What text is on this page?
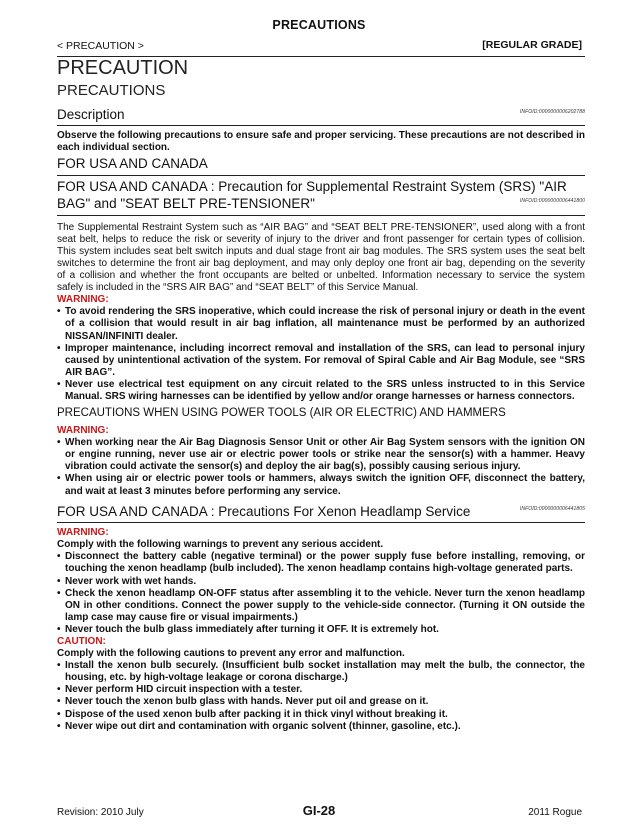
PRECAUTIONS
< PRECAUTION >	[REGULAR GRADE]
PRECAUTION
PRECAUTIONS
Description	INFOID:0000000006202788
Observe the following precautions to ensure safe and proper servicing. These precautions are not described in each individual section.
FOR USA AND CANADA
FOR USA AND CANADA : Precaution for Supplemental Restraint System (SRS) "AIR
BAG" and "SEAT BELT PRE-TENSIONER"	INFOID:0000000006441800
The Supplemental Restraint System such as “AIR BAG” and “SEAT BELT PRE-TENSIONER”, used along with a front seat belt, helps to reduce the risk or severity of injury to the driver and front passenger for certain types of collision. This system includes seat belt switch inputs and dual stage front air bag modules. The SRS system uses the seat belt switches to determine the front air bag deployment, and may only deploy one front air bag, depending on the severity of a collision and whether the front occupants are belted or unbelted. Information necessary to service the system safely is included in the “SRS AIR BAG” and “SEAT BELT” of this Service Manual.
WARNING:
• To avoid rendering the SRS inoperative, which could increase the risk of personal injury or death in the event of a collision that would result in air bag inflation, all maintenance must be performed by an authorized NISSAN/INFINITI dealer.
• Improper maintenance, including incorrect removal and installation of the SRS, can lead to personal injury caused by unintentional activation of the system. For removal of Spiral Cable and Air Bag Module, see “SRS AIR BAG”.
• Never use electrical test equipment on any circuit related to the SRS unless instructed to in this Service Manual. SRS wiring harnesses can be identified by yellow and/or orange harnesses or harness connectors.
PRECAUTIONS WHEN USING POWER TOOLS (AIR OR ELECTRIC) AND HAMMERS
WARNING:
• When working near the Air Bag Diagnosis Sensor Unit or other Air Bag System sensors with the ignition ON or engine running, never use air or electric power tools or strike near the sensor(s) with a hammer. Heavy vibration could activate the sensor(s) and deploy the air bag(s), possibly causing serious injury.
• When using air or electric power tools or hammers, always switch the ignition OFF, disconnect the battery, and wait at least 3 minutes before performing any service.
FOR USA AND CANADA : Precautions For Xenon Headlamp Service	INFOID:0000000006441805
WARNING:
Comply with the following warnings to prevent any serious accident.
• Disconnect the battery cable (negative terminal) or the power supply fuse before installing, removing, or touching the xenon headlamp (bulb included). The xenon headlamp contains high-voltage generated parts.
• Never work with wet hands.
• Check the xenon headlamp ON-OFF status after assembling it to the vehicle. Never turn the xenon headlamp ON in other conditions. Connect the power supply to the vehicle-side connector. (Turning it ON outside the lamp case may cause fire or visual impairments.)
• Never touch the bulb glass immediately after turning it OFF. It is extremely hot.
CAUTION:
Comply with the following cautions to prevent any error and malfunction.
• Install the xenon bulb securely. (Insufficient bulb socket installation may melt the bulb, the connector, the housing, etc. by high-voltage leakage or corona discharge.)
• Never perform HID circuit inspection with a tester.
• Never touch the xenon bulb glass with hands. Never put oil and grease on it.
• Dispose of the used xenon bulb after packing it in thick vinyl without breaking it.
• Never wipe out dirt and contamination with organic solvent (thinner, gasoline, etc.).
Revision: 2010 July	GI-28	2011 Rogue
